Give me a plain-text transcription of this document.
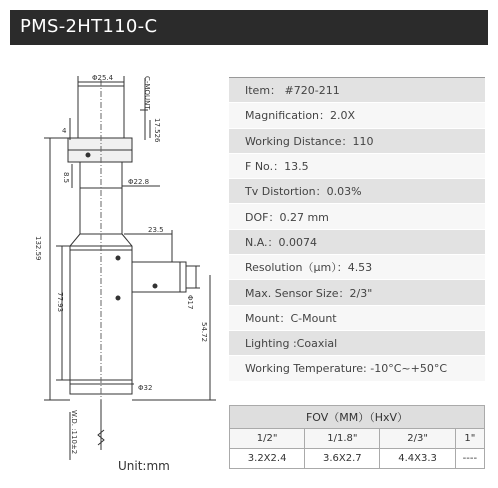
PMS-2HT110-C
Φ25.4	C-MOUNT
4	17.526
8.5	Φ22.8
23.5
132.59
77.93	Φ17
54.72
Φ32
W.D. :110±2
Unit:mm
Item： #720-211
Magnification：2.0X
Working Distance：110
F No.：13.5
Tv Distortion：0.03%
DOF：0.27 mm
N.A.：0.0074
Resolution（μm）：4.53
Max. Sensor Size：2/3"
Mount：C-Mount
Lighting :Coaxial
Working Temperature: -10°C~+50°C
FOV（MM）（HxV）			
1/2"	1/1.8"	2/3"	1"
3.2X2.4	3.6X2.7	4.4X3.3	----
